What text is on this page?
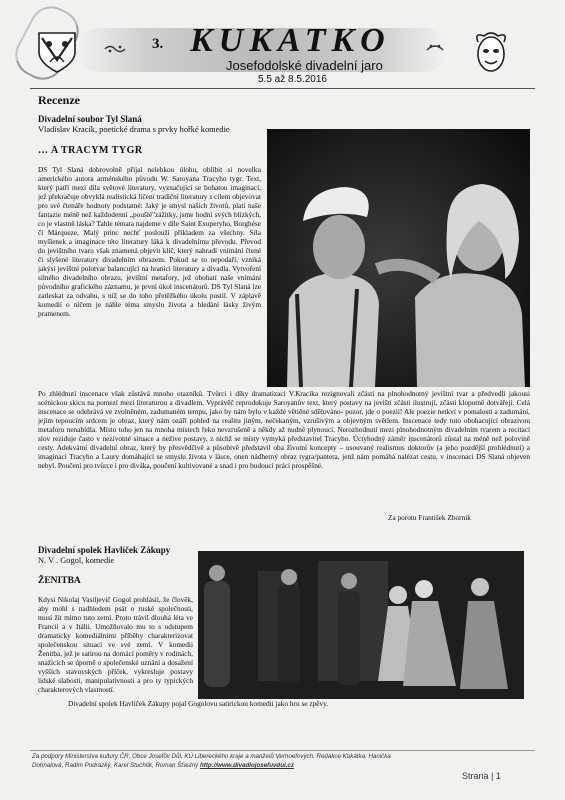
3. KUKATKO
Josefodolské divadelní jaro
5.5 až 8.5.2016
Recenze
Divadelní soubor Tyl Slaná
Vladislav Kracík, poetické drama s prvky hořké komedie
… A TRACYM TYGR
DS Tyl Slaná dobrovolně přijal nelehkou úlohu, oblíbit si novelku amerického autora arménského původu W. Saroyana Tracyho tygr. Text, který patří mezi díla světové literatury, vyznačující se bohatou imaginací, jež překračuje obvyklá realistická líčení tradiční literatury s cílem objevovat pro své čtenáře hodnoty podstatné: Jaký je smysl našich životů, platí naše fantazie méně než každodenní „poušlé"zážitky, jsme hodní svých blízkých, co je vlastně láska? Tahle témata najdeme v díle Saint Exuperyho, Borghése či Márqueze, Malý princ nechť poslouží příkladem za všechny. Síla myšlenek a imaginace této literatury láká k divadelnímu převodu. Převod do jevištního tvaru však znamená objevit klíč, který nahradí vnímání čtené či slyšené literatury divadelním obrazem. Pokud se to nepodaří, vzniká jakýsi jevištní polotvar balancující na hranici literatury a divadla. Vytvoření silného divadelního obrazu, jevištní metafory, jež obohatí naše vnímání původního grafického záznamu, je první úkol inscenátorů. DS Tyl Slaná lze zatleskat za odvahu, s níž se do toho přetěžkého úkolu pustil. V záplavě komedií o ničem je náhle téma smyslu života a hledání lásky živým pramenem.
Po zhlédnutí inscenace však zůstává mnoho otazníků. Tvůrci i díky dramatizaci V.Kracíka rezignovali zčásti na plnohodnotný jevištní tvar a předvedli jakousi scénickou skicu na pomezí mezi literaturou a divadlem. Vyprávěč reprodukuje Saroyanův text, který postavy na jevišti zčásti ilustrují, zčásti klopotně dotvářejí. Celá inscenace se odehrává ve zvolněném, zadumaném tempu, jako by nám bylo v každé větiěné sdělováno- pozor, jde o poezii! Ale poezie netkví v pomalosti a zadumání, jejím tepoucím srdcem je obraz, který nám ozáří pohled na realitu jiným, nečekaným, vzrušivým a objevným světlem. Inscenace tedy tuto obohacující obrazivou metaforu nenabídla. Místo toho jen na mnoha místech řeku nevzrušeně a někdy až nudně plynoucí. Nerozhodnutí mezi plnohodnotným divadelním tvarem a recitací slov reziduje často v nezivotné situace a nežive postavy, z nichž se místy vymyká představitel Tracyho. Úctyhodný záměr inscenátorů zůstal na méně než polovině cesty. Adekvátní divadelní obraz, který by přesvědčivě a působivě představil oba životní koncepty – usouvaný realismus doktorův (a jeho pozdější prohlédnutí) a imaginaci Tracyho a Laury domáhající se smyslu života v lásce, onen nádherný obraz tygra/pantera, jenž nám pomáhá nalézat cestu, v inscenaci DS Slaná objeven nebyl. Poučení pro tvůrce i pro diváka, poučení kultivované a snad i pro budoucí práci prospěšné.
Za porotu František Zbornik
Divadelní spolek Havlíček Zákupy
N. V . Gogol, komedie
ŽENITBA
Kdysi Nikolaj Vasiljevič Gogol prohlásil, že člověk, aby mohl s nadhledem psát o ruské společnosti, musí žít mimo tuto zemi. Proto trávil dlouhá léta ve Francii a v Itálii. Umožňovalo mu to s odstupem dramaticky komediálními příběhy charakterizovat společenskou situaci ve své zemi. V komedii Ženitba, jež je satirou na domácí poměry v rodinách, snažících se úporně o společenské uznání a dosažení vyšších stavovských příček, vykresluje postavy lidské slabosti, manipulativnosti a pro ty typických charakterových vlastností.
Divadelní spolek Havlíček Zákupy pojal Gogolovu satirickou komedii jako hru se zpěvy.
Za podpory Ministerstva kultury ČR, Obce Josefův Důl, KÚ Libereckého kraje a manželů Verhoefových. Redakce Kukátka: Hanička Dohnalová, Radim Podrazký, Karel Stuchlík, Roman Šťastný http://www.divadlojosefuvdul.cz
Strana | 1
